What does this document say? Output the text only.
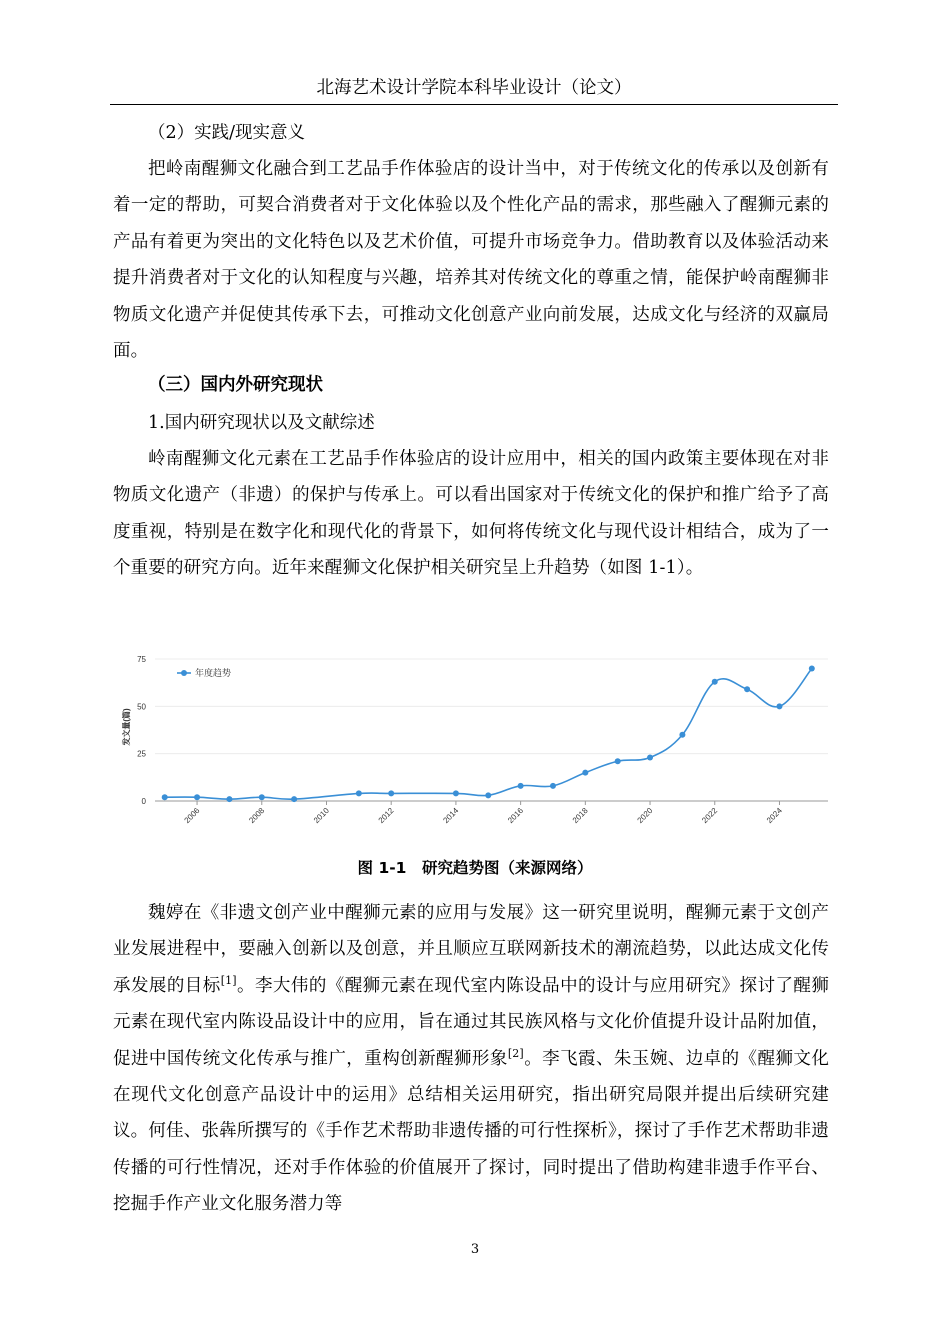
北海艺术设计学院本科毕业设计（论文）

（2）实践/现实意义

把岭南醒狮文化融合到工艺品手作体验店的设计当中，对于传统文化的传承以及创新有着一定的帮助，可契合消费者对于文化体验以及个性化产品的需求，那些融入了醒狮元素的产品有着更为突出的文化特色以及艺术价值，可提升市场竞争力。借助教育以及体验活动来提升消费者对于文化的认知程度与兴趣，培养其对传统文化的尊重之情，能保护岭南醒狮非物质文化遗产并促使其传承下去，可推动文化创意产业向前发展，达成文化与经济的双赢局面。

（三）国内外研究现状

1.国内研究现状以及文献综述

岭南醒狮文化元素在工艺品手作体验店的设计应用中，相关的国内政策主要体现在对非物质文化遗产（非遗）的保护与传承上。可以看出国家对于传统文化的保护和推广给予了高度重视，特别是在数字化和现代化的背景下，如何将传统文化与现代设计相结合，成为了一个重要的研究方向。近年来醒狮文化保护相关研究呈上升趋势（如图 1-1）。

0
25
50
75
2006	2008	2010	2012	2014	2016	2018	2020	2022	2024
发文量(篇)
年度趋势
图 1-1　研究趋势图（来源网络）

魏婷在《非遗文创产业中醒狮元素的应用与发展》这一研究里说明，醒狮元素于文创产业发展进程中，要融入创新以及创意，并且顺应互联网新技术的潮流趋势，以此达成文化传承发展的目标[1]。李大伟的《醒狮元素在现代室内陈设品中的设计与应用研究》探讨了醒狮元素在现代室内陈设品设计中的应用，旨在通过其民族风格与文化价值提升设计品附加值，促进中国传统文化传承与推广，重构创新醒狮形象[2]。李飞霞、朱玉婉、边卓的《醒狮文化在现代文化创意产品设计中的运用》总结相关运用研究，指出研究局限并提出后续研究建议。何佳、张犇所撰写的《手作艺术帮助非遗传播的可行性探析》，探讨了手作艺术帮助非遗传播的可行性情况，还对手作体验的价值展开了探讨，同时提出了借助构建非遗手作平台、挖掘手作产业文化服务潜力等

3
